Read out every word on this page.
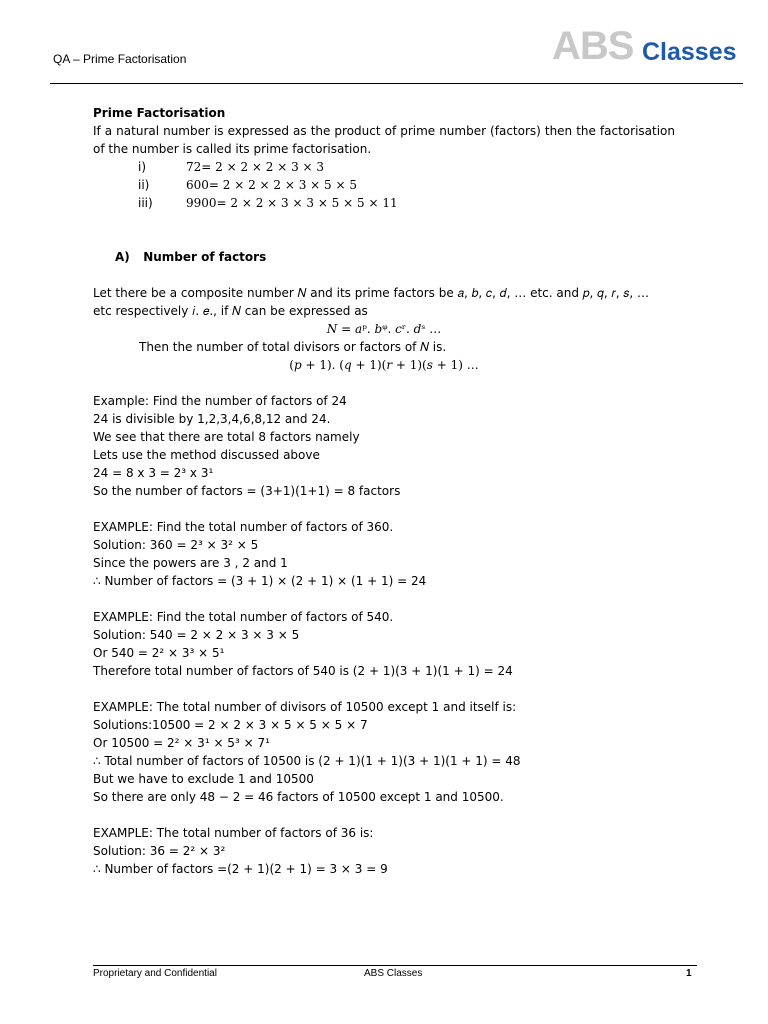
QA – Prime Factorisation	ABS Classes
Prime Factorisation
If a natural number is expressed as the product of prime number (factors) then the factorisation of the number is called its prime factorisation.
i)	72= 2 × 2 × 2 × 3 × 3
ii)	600= 2 × 2 × 2 × 3 × 5 × 5
iii)	9900= 2 × 2 × 3 × 3 × 5 × 5 × 11
A) Number of factors
Let there be a composite number 𝑁 and its prime factors be 𝑎, 𝑏, 𝑐, 𝑑, … etc. and 𝑝, 𝑞, 𝑟, 𝑠, …
etc respectively 𝑖. 𝑒., if 𝑁 can be expressed as
𝑁 = 𝑎ᵖ. 𝑏ᵠ. 𝑐ʳ. 𝑑ˢ …
Then the number of total divisors or factors of 𝑁 is.
(𝑝 + 1). (𝑞 + 1)(𝑟 + 1)(𝑠 + 1) …
Example: Find the number of factors of 24
24 is divisible by 1,2,3,4,6,8,12 and 24.
We see that there are total 8 factors namely
Lets use the method discussed above
24 = 8 x 3 = 2³ x 3¹
So the number of factors = (3+1)(1+1) = 8 factors
EXAMPLE: Find the total number of factors of 360.
Solution: 360 = 2³ × 3² × 5
Since the powers are 3 , 2 and 1
∴ Number of factors = (3 + 1) × (2 + 1) × (1 + 1) = 24
EXAMPLE: Find the total number of factors of 540.
Solution: 540 = 2 × 2 × 3 × 3 × 5
Or 540 = 2² × 3³ × 5¹
Therefore total number of factors of 540 is (2 + 1)(3 + 1)(1 + 1) = 24
EXAMPLE: The total number of divisors of 10500 except 1 and itself is:
Solutions:10500 = 2 × 2 × 3 × 5 × 5 × 5 × 7
Or 10500 = 2² × 3¹ × 5³ × 7¹
∴ Total number of factors of 10500 is (2 + 1)(1 + 1)(3 + 1)(1 + 1) = 48
But we have to exclude 1 and 10500
So there are only 48 − 2 = 46 factors of 10500 except 1 and 10500.
EXAMPLE: The total number of factors of 36 is:
Solution: 36 = 2² × 3²
∴ Number of factors =(2 + 1)(2 + 1) = 3 × 3 = 9
Proprietary and Confidential	ABS Classes	1
